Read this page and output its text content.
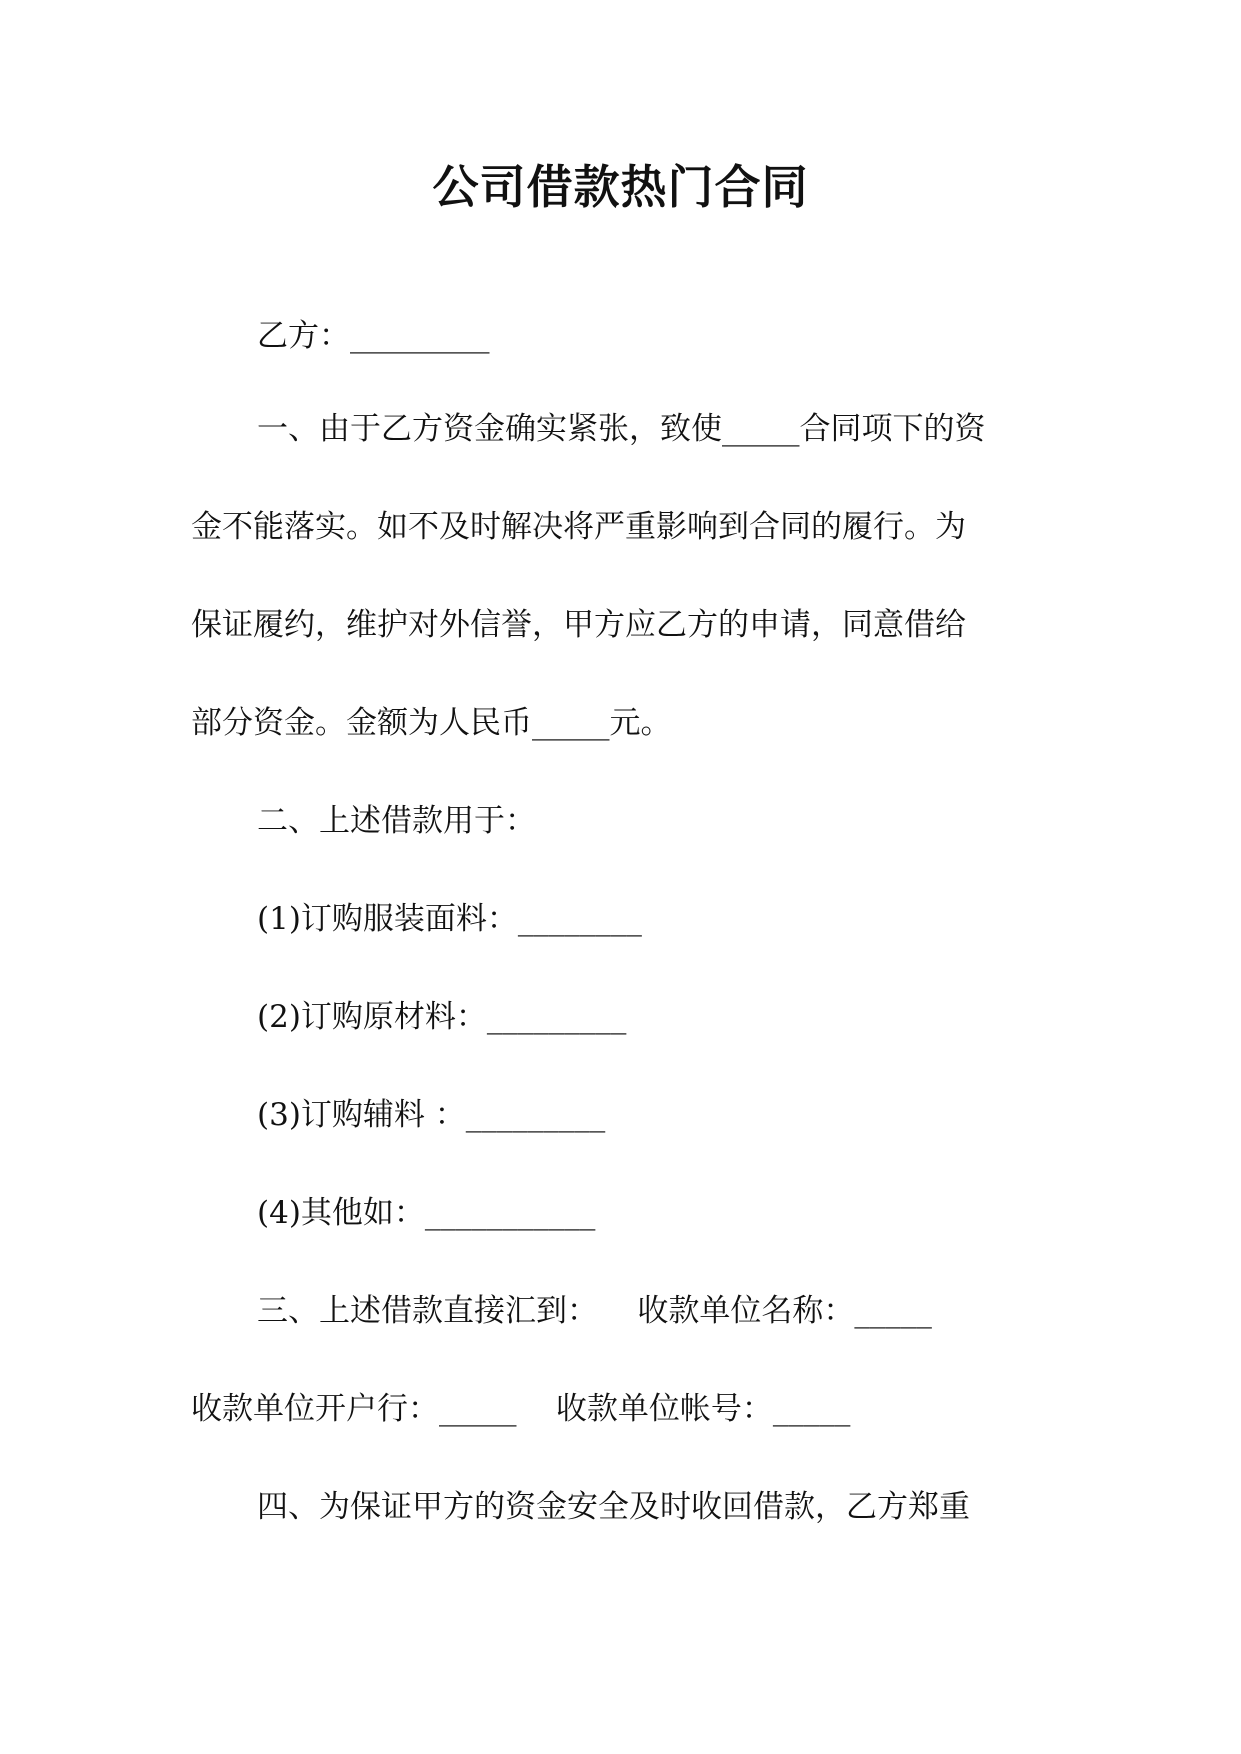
公司借款热门合同

乙方：_________

一、由于乙方资金确实紧张，致使_____合同项下的资

金不能落实。如不及时解决将严重影响到合同的履行。为

保证履约，维护对外信誉，甲方应乙方的申请，同意借给

部分资金。金额为人民币_____元。

二、上述借款用于：

(1)订购服装面料：________

(2)订购原材料：_________

(3)订购辅料 ：_________

(4)其他如：___________

三、上述借款直接汇到：    收款单位名称：_____

收款单位开户行：_____    收款单位帐号：_____

四、为保证甲方的资金安全及时收回借款，乙方郑重
